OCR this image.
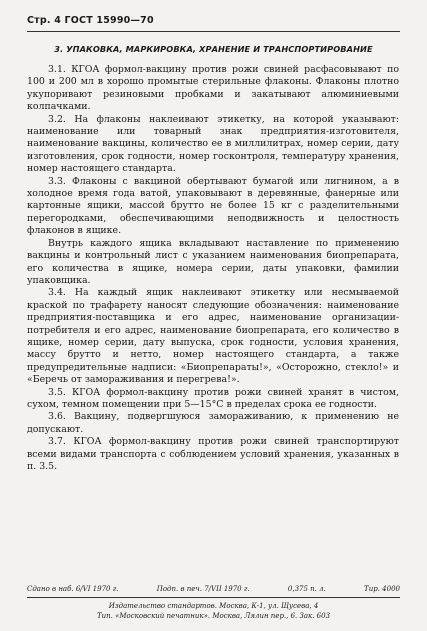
Стр. 4 ГОСТ 15990—70
3. УПАКОВКА, МАРКИРОВКА, ХРАНЕНИЕ И ТРАНСПОРТИРОВАНИЕ

3.1. КГОА формол-вакцину против рожи свиней расфасовывают по 100 и 200 мл в хорошо промытые стерильные флаконы. Флаконы плотно укупоривают резиновыми пробками и закатывают алюминиевыми колпачками.

3.2. На флаконы наклеивают этикетку, на которой указывают: наименование или товарный знак предприятия-изготовителя, наименование вакцины, количество ее в миллилитрах, номер серии, дату изготовления, срок годности, номер госконтроля, температуру хранения, номер настоящего стандарта.

3.3. Флаконы с вакциной обертывают бумагой или лигнином, а в холодное время года ватой, упаковывают в деревянные, фанерные или картонные ящики, массой брутто не более 15 кг с разделительными перегородками, обеспечивающими неподвижность и целостность флаконов в ящике.

Внутрь каждого ящика вкладывают наставление по применению вакцины и контрольный лист с указанием наименования биопрепарата, его количества в ящике, номера серии, даты упаковки, фамилии упаковщика.

3.4. На каждый ящик наклеивают этикетку или несмываемой краской по трафарету наносят следующие обозначения: наименование предприятия-поставщика и его адрес, наименование организации-потребителя и его адрес, наименование биопрепарата, его количество в ящике, номер серии, дату выпуска, срок годности, условия хранения, массу брутто и нетто, номер настоящего стандарта, а также предупредительные надписи: «Биопрепараты!», «Осторожно, стекло!» и «Беречь от замораживания и перегрева!».

3.5. КГОА формол-вакцину против рожи свиней хранят в чистом, сухом, темном помещении при 5—15°C в пределах срока ее годности.

3.6. Вакцину, подвергшуюся замораживанию, к применению не допускают.

3.7. КГОА формол-вакцину против рожи свиней транспортируют всеми видами транспорта с соблюдением условий хранения, указанных в п. 3.5.

Сдано в наб. 6/VI 1970 г.	Подп. в печ. 7/VII 1970 г.	0,375 п. л.	Тир. 4000
Издательство стандартов. Москва, К-1, ул. Щусева, 4
Тип. «Московский печатник». Москва, Лялин пер., 6. Зак. 603
